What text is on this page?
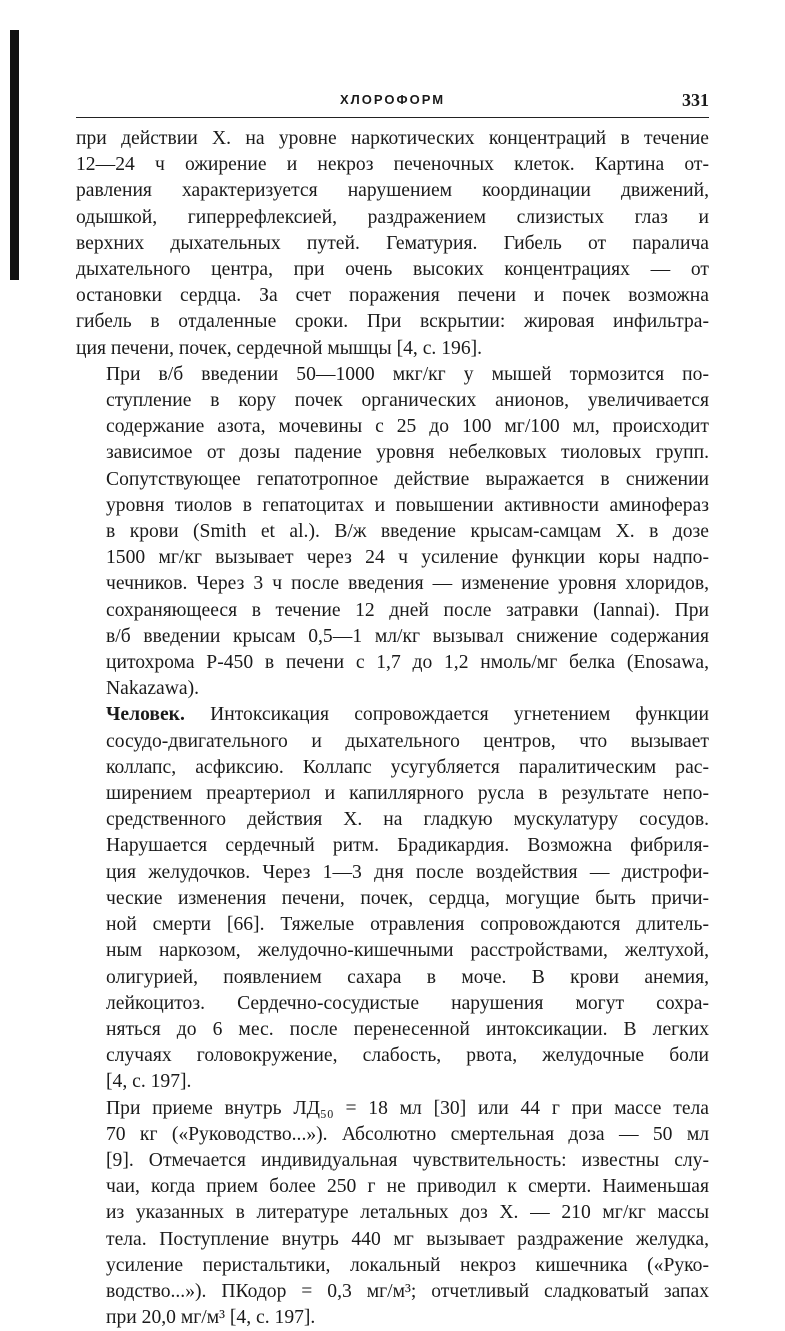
ХЛОРОФОРМ	331

при действии Х. на уровне наркотических концентраций в течение
12—24 ч ожирение и некроз печеночных клеток. Картина от-
равления характеризуется нарушением координации движений,
одышкой, гиперрефлексией, раздражением слизистых глаз и
верхних дыхательных путей. Гематурия. Гибель от паралича
дыхательного центра, при очень высоких концентрациях — от
остановки сердца. За счет поражения печени и почек возможна
гибель в отдаленные сроки. При вскрытии: жировая инфильтра-
ция печени, почек, сердечной мышцы [4, с. 196].

При в/б введении 50—1000 мкг/кг у мышей тормозится по-
ступление в кору почек органических анионов, увеличивается
содержание азота, мочевины с 25 до 100 мг/100 мл, происходит
зависимое от дозы падение уровня небелковых тиоловых групп.
Сопутствующее гепатотропное действие выражается в снижении
уровня тиолов в гепатоцитах и повышении активности аминофераз
в крови (Smith et al.). В/ж введение крысам-самцам Х. в дозе
1500 мг/кг вызывает через 24 ч усиление функции коры надпо-
чечников. Через 3 ч после введения — изменение уровня хлоридов,
сохраняющееся в течение 12 дней после затравки (Iannai). При
в/б введении крысам 0,5—1 мл/кг вызывал снижение содержания
цитохрома Р-450 в печени с 1,7 до 1,2 нмоль/мг белка (Enosawa,
Nakazawa).

Человек. Интоксикация сопровождается угнетением функции
сосудо-двигательного и дыхательного центров, что вызывает
коллапс, асфиксию. Коллапс усугубляется паралитическим рас-
ширением преартериол и капиллярного русла в результате непо-
средственного действия Х. на гладкую мускулатуру сосудов.
Нарушается сердечный ритм. Брадикардия. Возможна фибриля-
ция желудочков. Через 1—3 дня после воздействия — дистрофи-
ческие изменения печени, почек, сердца, могущие быть причи-
ной смерти [66]. Тяжелые отравления сопровождаются длитель-
ным наркозом, желудочно-кишечными расстройствами, желтухой,
олигурией, появлением сахара в моче. В крови анемия,
лейкоцитоз. Сердечно-сосудистые нарушения могут сохра-
няться до 6 мес. после перенесенной интоксикации. В легких
случаях головокружение, слабость, рвота, желудочные боли
[4, с. 197].

При приеме внутрь ЛД₅₀ = 18 мл [30] или 44 г при массе тела
70 кг («Руководство...»). Абсолютно смертельная доза — 50 мл
[9]. Отмечается индивидуальная чувствительность: известны слу-
чаи, когда прием более 250 г не приводил к смерти. Наименьшая
из указанных в литературе летальных доз Х. — 210 мг/кг массы
тела. Поступление внутрь 440 мг вызывает раздражение желудка,
усиление перистальтики, локальный некроз кишечника («Руко-
водство...»). ПКодор = 0,3 мг/м³; отчетливый сладковатый запах
при 20,0 мг/м³ [4, с. 197].
